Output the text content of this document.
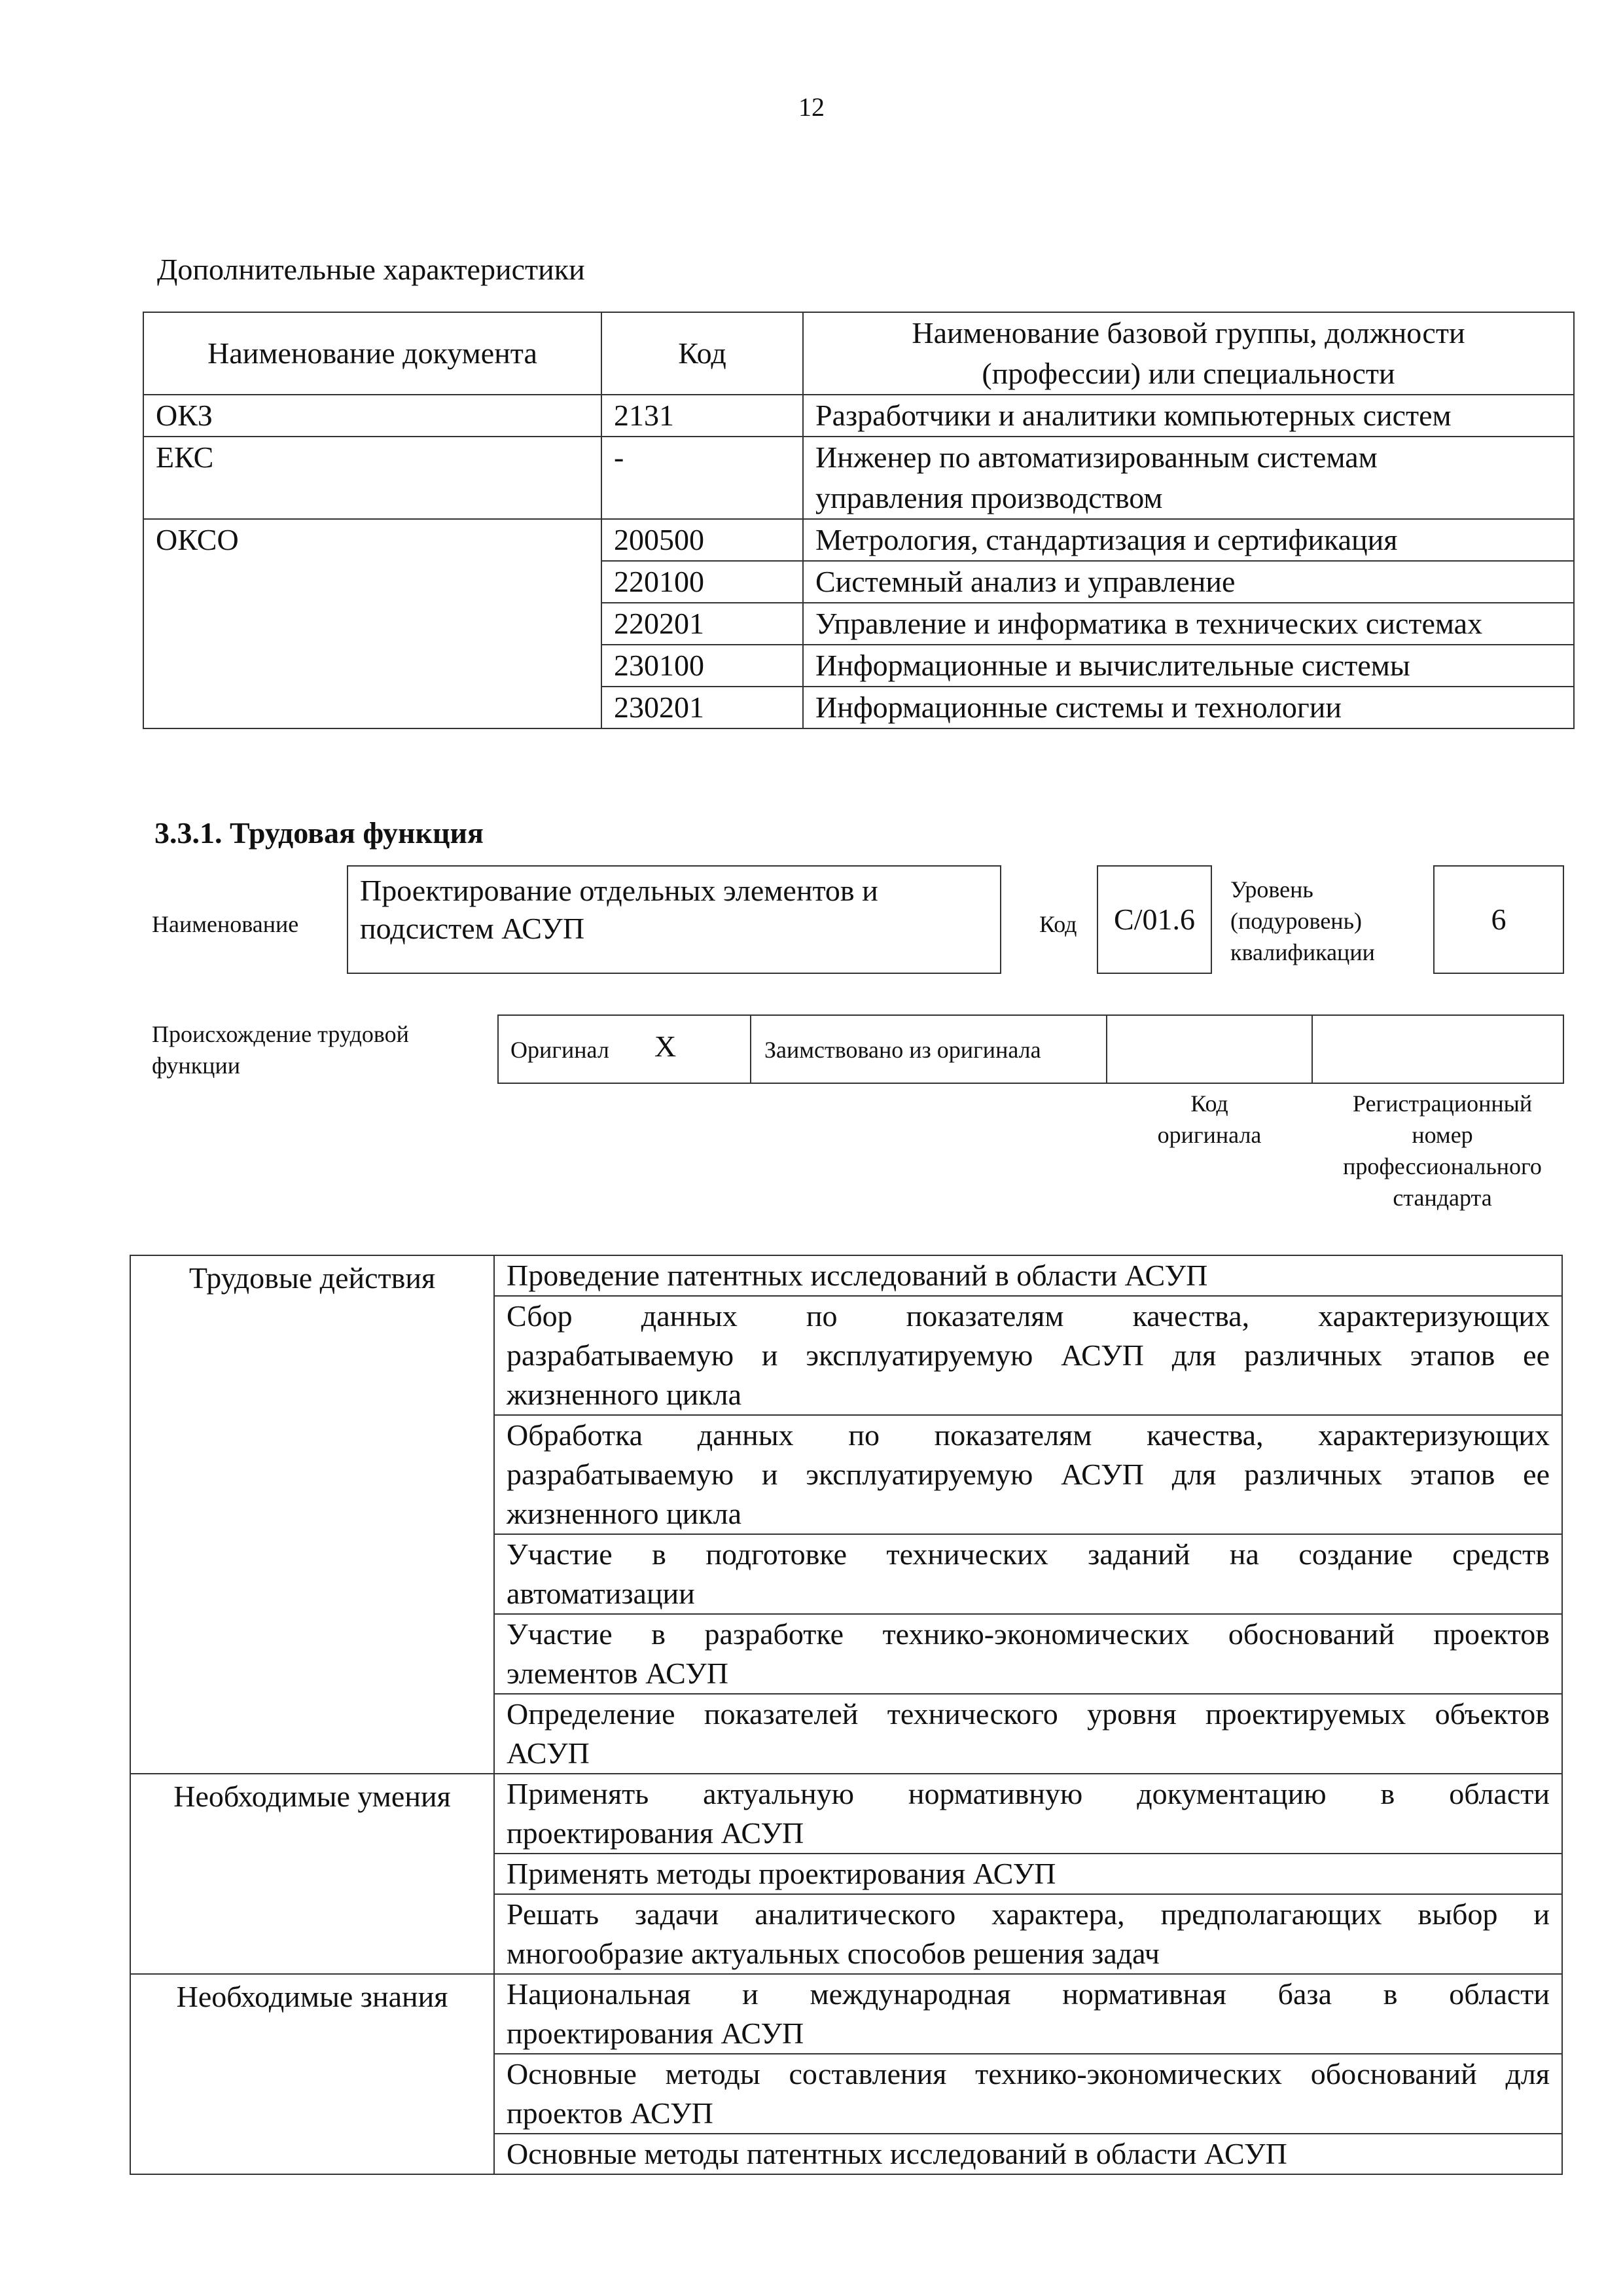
12
Дополнительные характеристики
Наименование документа	Код	Наименование базовой группы, должности
(профессии) или специальности

ОКЗ	2131	Разработчики и аналитики компьютерных систем
ЕКС	-	Инженер по автоматизированным системам
управления производством

ОКСО	200500	Метрология, стандартизация и сертификация
	220100	Системный анализ и управление
	220201	Управление и информатика в технических системах
	230100	Информационные и вычислительные системы
	230201	Информационные системы и технологии
3.3.1. Трудовая функция
Наименование
Проектирование отдельных элементов и
подсистем АСУП	Код	C/01.6
Уровень
(подуровень)
квалификации
6
Происхождение трудовой
функции
Оригинал X	Заимствовано из оригинала
Код
оригинала
Регистрационный
номер
профессионального
стандарта
Трудовые действия	Проведение патентных исследований в области АСУП

	Сбор данных по показателям качества, характеризующих
разрабатываемую и эксплуатируемую АСУП для различных этапов ее
жизненного цикла

	Обработка данных по показателям качества, характеризующих
разрабатываемую и эксплуатируемую АСУП для различных этапов ее
жизненного цикла

	Участие в подготовке технических заданий на создание средств
автоматизации

	Участие в разработке технико-экономических обоснований проектов
элементов АСУП

	Определение показателей технического уровня проектируемых объектов
АСУП

Необходимые умения	Применять актуальную нормативную документацию в области
проектирования АСУП

	Применять методы проектирования АСУП

	Решать задачи аналитического характера, предполагающих выбор и
многообразие актуальных способов решения задач

Необходимые знания	Национальная и международная нормативная база в области
проектирования АСУП

	Основные методы составления технико-экономических обоснований для
проектов АСУП

	Основные методы патентных исследований в области АСУП
